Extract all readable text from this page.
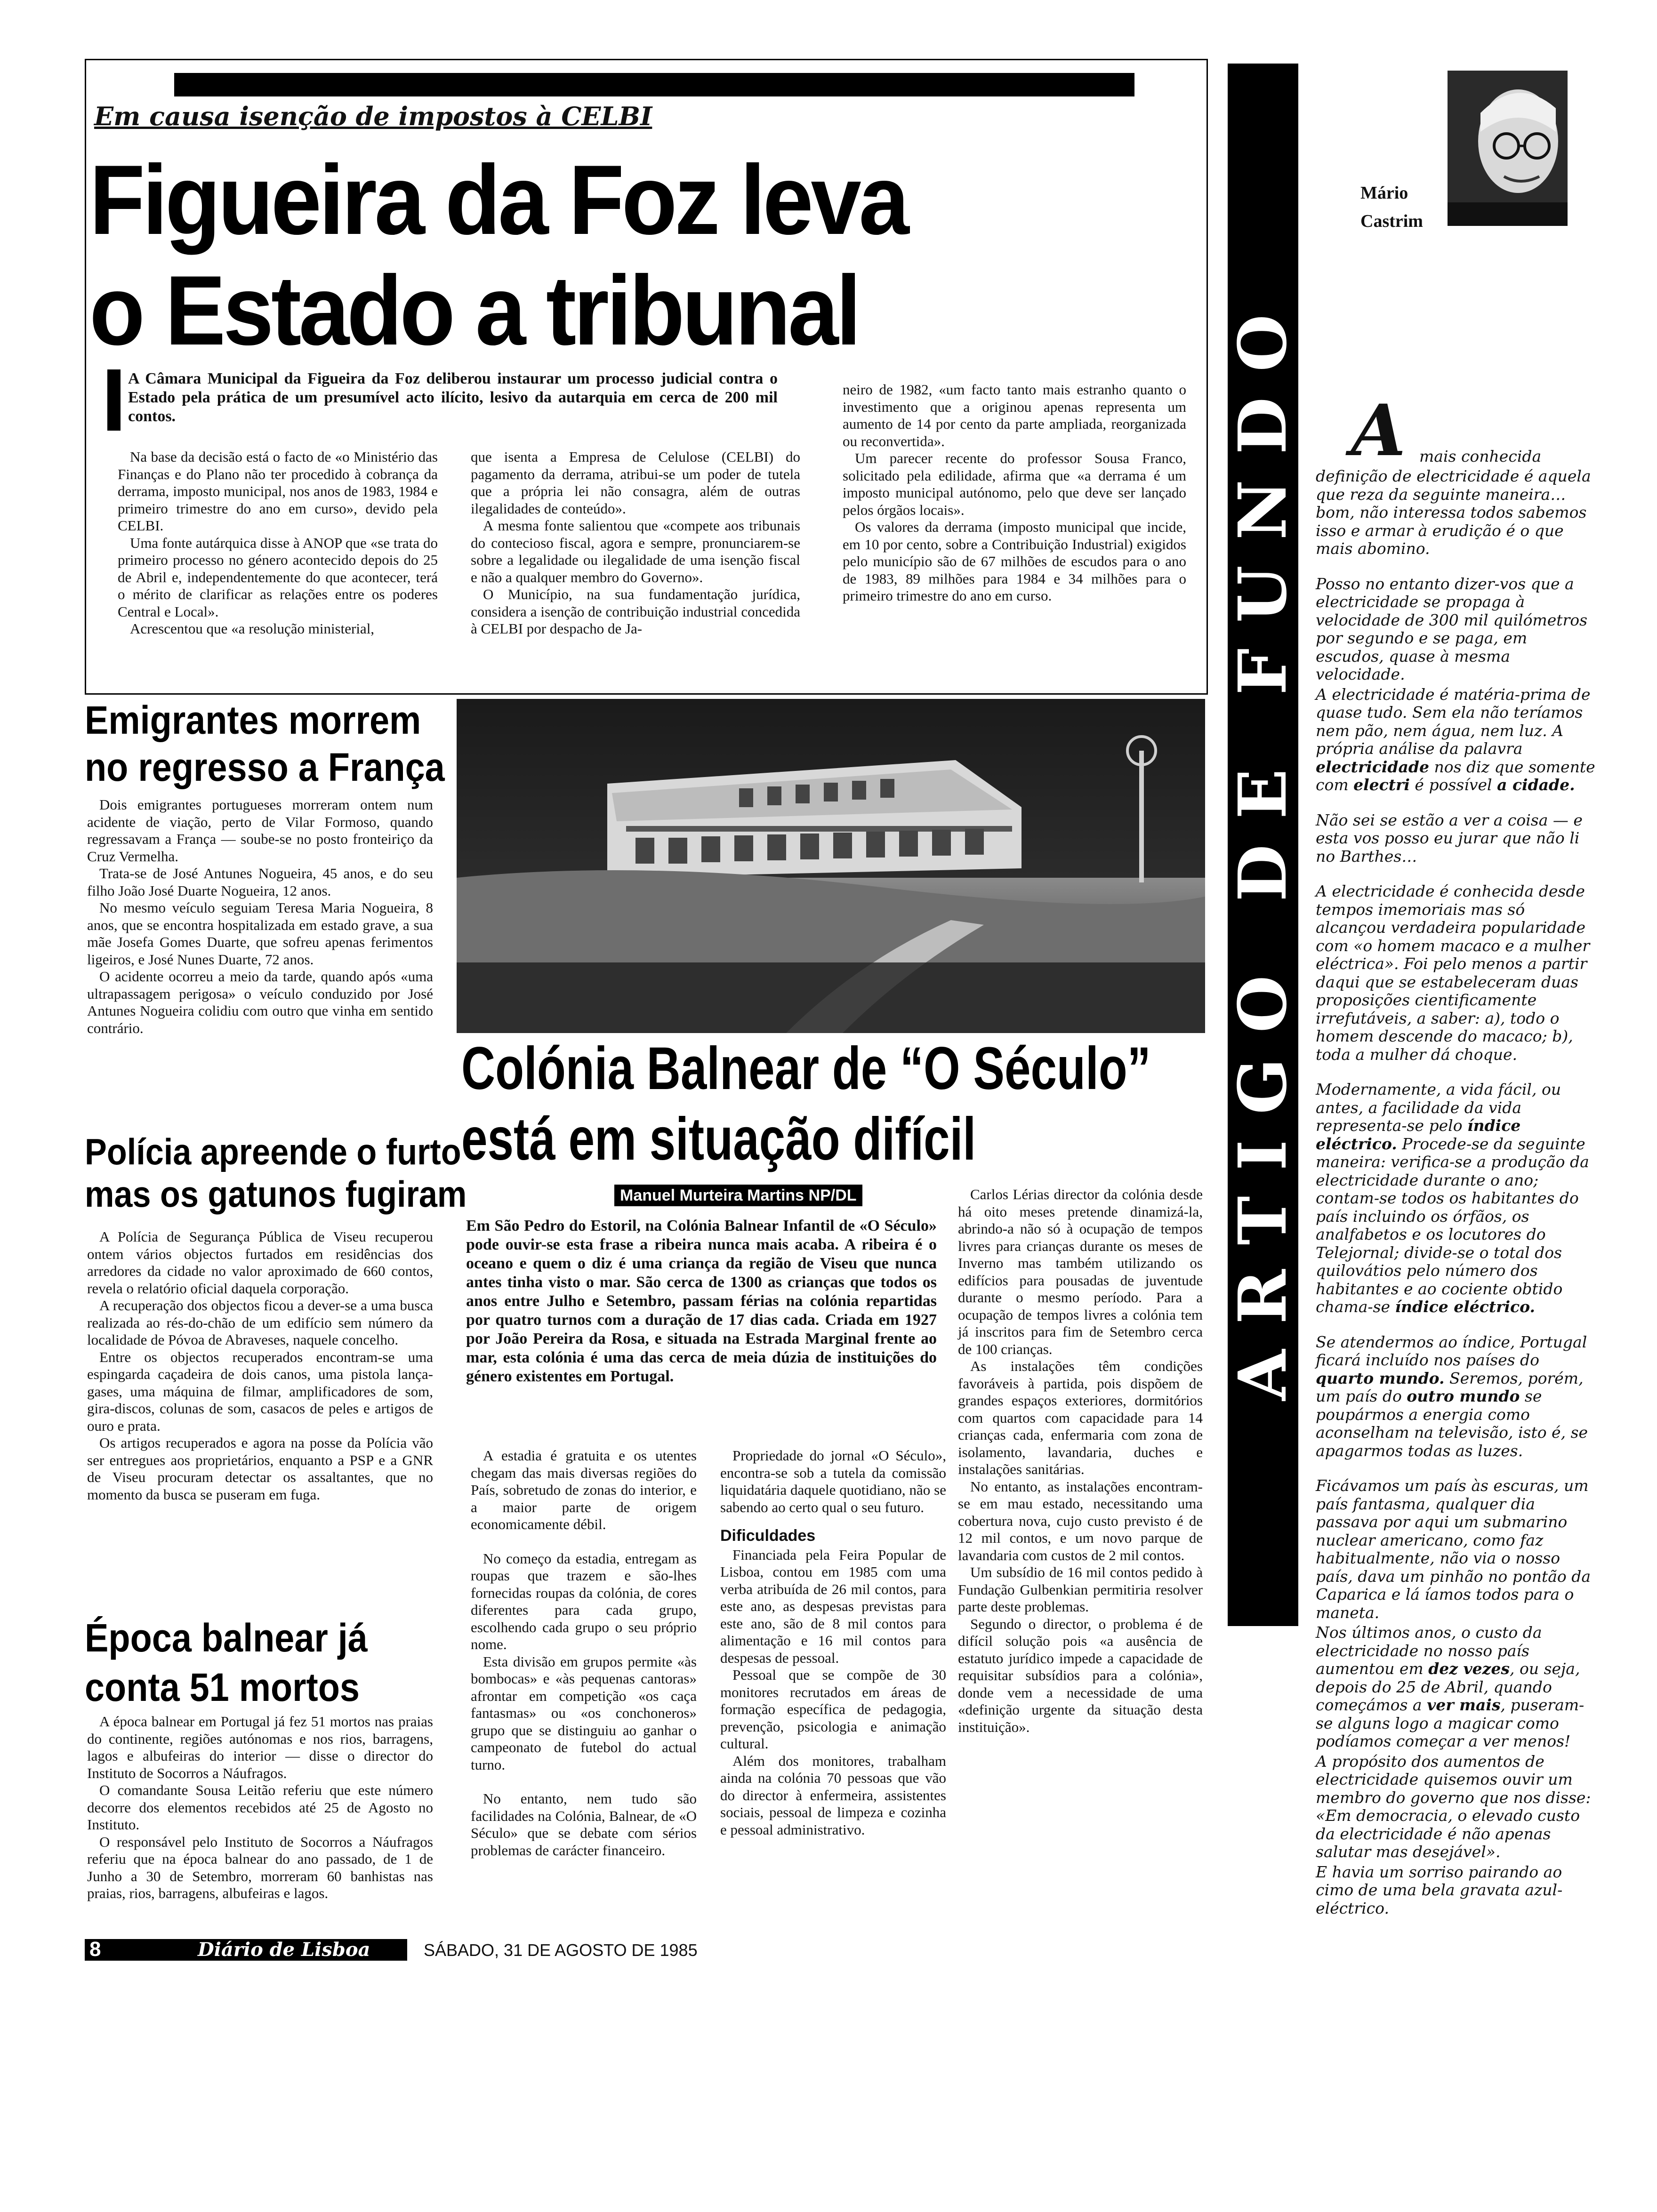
Em causa isenção de impostos à CELBI
Figueira da Foz leva
o Estado a tribunal
A Câmara Municipal da Figueira da Foz deliberou instaurar um processo judicial contra o Estado pela prática de um presumível acto ilícito, lesivo da autarquia em cerca de 200 mil contos.

Na base da decisão está o facto de «o Ministério das Finanças e do Plano não ter procedido à cobrança da derrama, imposto municipal, nos anos de 1983, 1984 e primeiro trimestre do ano em curso», devido pela CELBI.

Uma fonte autárquica disse à ANOP que «se trata do primeiro processo no género acontecido depois do 25 de Abril e, independentemente do que acontecer, terá o mérito de clarificar as relações entre os poderes Central e Local».

Acrescentou que «a resolução ministerial,

que isenta a Empresa de Celulose (CELBI) do pagamento da derrama, atribui-se um poder de tutela que a própria lei não consagra, além de outras ilegalidades de conteúdo».

A mesma fonte salientou que «compete aos tribunais do contecioso fiscal, agora e sempre, pronunciarem-se sobre a legalidade ou ilegalidade de uma isenção fiscal e não a qualquer membro do Governo».

O Município, na sua fundamentação jurídica, considera a isenção de contribuição industrial concedida à CELBI por despacho de Ja-

neiro de 1982, «um facto tanto mais estranho quanto o investimento que a originou apenas representa um aumento de 14 por cento da parte ampliada, reorganizada ou reconvertida».

Um parecer recente do professor Sousa Franco, solicitado pela edilidade, afirma que «a derrama é um imposto municipal autónomo, pelo que deve ser lançado pelos órgãos locais».

Os valores da derrama (imposto municipal que incide, em 10 por cento, sobre a Contribuição Industrial) exigidos pelo município são de 67 milhões de escudos para o ano de 1983, 89 milhões para 1984 e 34 milhões para o primeiro trimestre do ano em curso.

Emigrantes morrem
no regresso a França

Dois emigrantes portugueses morreram ontem num acidente de viação, perto de Vilar Formoso, quando regressavam a França — soube-se no posto fronteiriço da Cruz Vermelha.

Trata-se de José Antunes Nogueira, 45 anos, e do seu filho João José Duarte Nogueira, 12 anos.

No mesmo veículo seguiam Teresa Maria Nogueira, 8 anos, que se encontra hospitalizada em estado grave, a sua mãe Josefa Gomes Duarte, que sofreu apenas ferimentos ligeiros, e José Nunes Duarte, 72 anos.

O acidente ocorreu a meio da tarde, quando após «uma ultrapassagem perigosa» o veículo conduzido por José Antunes Nogueira colidiu com outro que vinha em sentido contrário.

Polícia apreende o furto
mas os gatunos fugiram

A Polícia de Segurança Pública de Viseu recuperou ontem vários objectos furtados em residências dos arredores da cidade no valor aproximado de 660 contos, revela o relatório oficial daquela corporação.

A recuperação dos objectos ficou a dever-se a uma busca realizada ao rés-do-chão de um edifício sem número da localidade de Póvoa de Abraveses, naquele concelho.

Entre os objectos recuperados encontram-se uma espingarda caçadeira de dois canos, uma pistola lança-gases, uma máquina de filmar, amplificadores de som, gira-discos, colunas de som, casacos de peles e artigos de ouro e prata.

Os artigos recuperados e agora na posse da Polícia vão ser entregues aos proprietários, enquanto a PSP e a GNR de Viseu procuram detectar os assaltantes, que no momento da busca se puseram em fuga.

Época balnear já
conta 51 mortos

A época balnear em Portugal já fez 51 mortos nas praias do continente, regiões autónomas e nos rios, barragens, lagos e albufeiras do interior — disse o director do Instituto de Socorros a Náufragos.

O comandante Sousa Leitão referiu que este número decorre dos elementos recebidos até 25 de Agosto no Instituto.

O responsável pelo Instituto de Socorros a Náufragos referiu que na época balnear do ano passado, de 1 de Junho a 30 de Setembro, morreram 60 banhistas nas praias, rios, barragens, albufeiras e lagos.

Colónia Balnear de “O Século”
está em situação difícil
Manuel Murteira Martins NP/DL
Em São Pedro do Estoril, na Colónia Balnear Infantil de «O Século» pode ouvir-se esta frase a ribeira nunca mais acaba. A ribeira é o oceano e quem o diz é uma criança da região de Viseu que nunca antes tinha visto o mar. São cerca de 1300 as crianças que todos os anos entre Julho e Setembro, passam férias na colónia repartidas por quatro turnos com a duração de 17 dias cada. Criada em 1927 por João Pereira da Rosa, e situada na Estrada Marginal frente ao mar, esta colónia é uma das cerca de meia dúzia de instituições do género existentes em Portugal.

A estadia é gratuita e os utentes chegam das mais diversas regiões do País, sobretudo de zonas do interior, e a maior parte de origem economicamente débil.

No começo da estadia, entregam as roupas que trazem e são-lhes fornecidas roupas da colónia, de cores diferentes para cada grupo, escolhendo cada grupo o seu próprio nome.

Esta divisão em grupos permite «às bombocas» e «às pequenas cantoras» afrontar em competição «os caça fantasmas» ou «os conchoneros» grupo que se distinguiu ao ganhar o campeonato de futebol do actual turno.

No entanto, nem tudo são facilidades na Colónia, Balnear, de «O Século» que se debate com sérios problemas de carácter financeiro.

Propriedade do jornal «O Século», encontra-se sob a tutela da comissão liquidatária daquele quotidiano, não se sabendo ao certo qual o seu futuro.

Dificuldades

Financiada pela Feira Popular de Lisboa, contou em 1985 com uma verba atribuída de 26 mil contos, para este ano, as despesas previstas para este ano, são de 8 mil contos para alimentação e 16 mil contos para despesas de pessoal.

Pessoal que se compõe de 30 monitores recrutados em áreas de formação específica de pedagogia, prevenção, psicologia e animação cultural.

Além dos monitores, trabalham ainda na colónia 70 pessoas que vão do director à enfermeira, assistentes sociais, pessoal de limpeza e cozinha e pessoal administrativo.

Carlos Lérias director da colónia desde há oito meses pretende dinamizá-la, abrindo-a não só à ocupação de tempos livres para crianças durante os meses de Inverno mas também utilizando os edifícios para pousadas de juventude durante o mesmo período. Para a ocupação de tempos livres a colónia tem já inscritos para fim de Setembro cerca de 100 crianças.

As instalações têm condições favoráveis à partida, pois dispõem de grandes espaços exteriores, dormitórios com quartos com capacidade para 14 crianças cada, enfermaria com zona de isolamento, lavandaria, duches e instalações sanitárias.

No entanto, as instalações encontram-se em mau estado, necessitando uma cobertura nova, cujo custo previsto é de 12 mil contos, e um novo parque de lavandaria com custos de 2 mil contos.

Um subsídio de 16 mil contos pedido à Fundação Gulbenkian permitiria resolver parte deste problemas.

Segundo o director, o problema é de difícil solução pois «a ausência de estatuto jurídico impede a capacidade de requisitar subsídios para a colónia», donde vem a necessidade de uma «definição urgente da situação desta instituição».

ARTIGO DE FUNDO
Mário
Castrim
A mais conhecida

definição de electricidade é aquela que reza da seguinte maneira… bom, não interessa todos sabemos isso e armar à erudição é o que mais abomino.

Posso no entanto dizer-vos que a electricidade se propaga à velocidade de 300 mil quilómetros por segundo e se paga, em escudos, quase à mesma velocidade.

A electricidade é matéria-prima de quase tudo. Sem ela não teríamos nem pão, nem água, nem luz. A própria análise da palavra electricidade nos diz que somente com electri é possível a cidade.

Não sei se estão a ver a coisa — e esta vos posso eu jurar que não li no Barthes…

A electricidade é conhecida desde tempos imemoriais mas só alcançou verdadeira popularidade com «o homem macaco e a mulher eléctrica». Foi pelo menos a partir daqui que se estabeleceram duas proposições cientificamente irrefutáveis, a saber: a), todo o homem descende do macaco; b), toda a mulher dá choque.

Modernamente, a vida fácil, ou antes, a facilidade da vida representa-se pelo índice eléctrico. Procede-se da seguinte maneira: verifica-se a produção da electricidade durante o ano; contam-se todos os habitantes do país incluindo os órfãos, os analfabetos e os locutores do Telejornal; divide-se o total dos quilovátios pelo número dos habitantes e ao cociente obtido chama-se índice eléctrico.

Se atendermos ao índice, Portugal ficará incluído nos países do quarto mundo. Seremos, porém, um país do outro mundo se poupármos a energia como aconselham na televisão, isto é, se apagarmos todas as luzes.

Ficávamos um país às escuras, um país fantasma, qualquer dia passava por aqui um submarino nuclear americano, como faz habitualmente, não via o nosso país, dava um pinhão no pontão da Caparica e lá íamos todos para o maneta.

Nos últimos anos, o custo da electricidade no nosso país aumentou em dez vezes, ou seja, depois do 25 de Abril, quando começámos a ver mais, puseram-se alguns logo a magicar como podíamos começar a ver menos!

A propósito dos aumentos de electricidade quisemos ouvir um membro do governo que nos disse: «Em democracia, o elevado custo da electricidade é não apenas salutar mas desejável».

E havia um sorriso pairando ao cimo de uma bela gravata azul-eléctrico.

8	Diário de Lisboa	SÁBADO, 31 DE AGOSTO DE 1985
